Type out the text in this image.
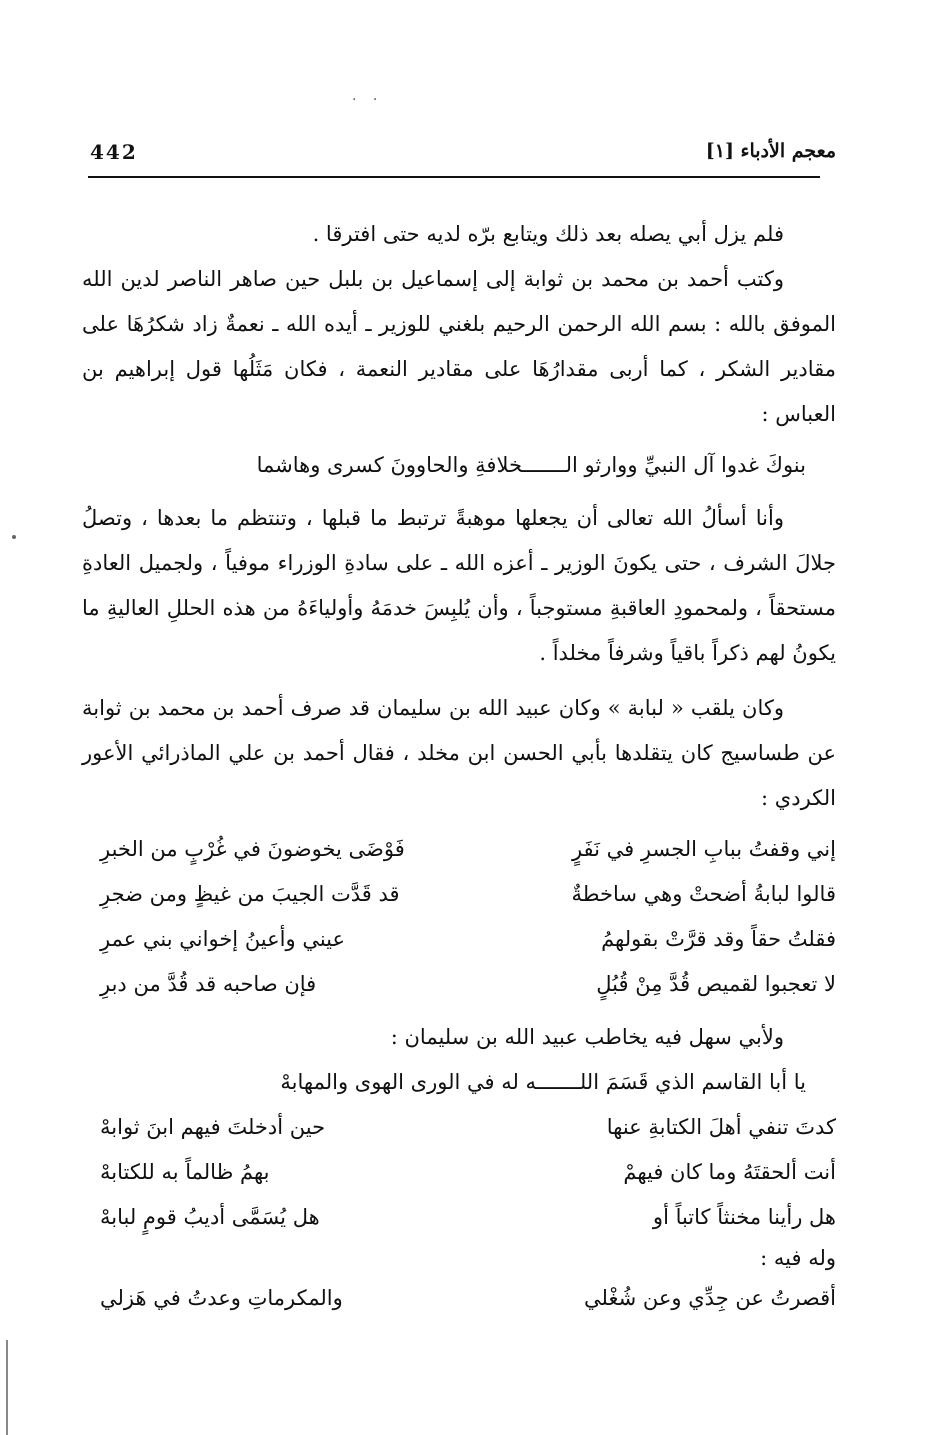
· ·
معجم الأدباء [١]
442

فلم يزل أبي يصله بعد ذلك ويتابع برّه لديه حتى افترقا .

وكتب أحمد بن محمد بن ثوابة إلى إسماعيل بن بلبل حين صاهر الناصر لدين الله الموفق بالله : بسم الله الرحمن الرحيم بلغني للوزير ـ أيده الله ـ نعمةٌ زاد شكرُهَا على مقادير الشكر ، كما أربى مقدارُهَا على مقادير النعمة ، فكان مَثَلُها قول إبراهيم بن العباس :

بنوكَ غدوا آل النبيِّ ووارثو الـــــــخلافةِ والحاوونَ كسرى وهاشما

وأنا أسألُ الله تعالى أن يجعلها موهبةً ترتبط ما قبلها ، وتنتظم ما بعدها ، وتصلُ جلالَ الشرف ، حتى يكونَ الوزير ـ أعزه الله ـ على سادةِ الوزراء موفياً ، ولجميل العادةِ مستحقاً ، ولمحمودِ العاقبةِ مستوجباً ، وأن يُلبِسَ خدمَهُ وأولياءَهُ من هذه الحللِ العاليةِ ما يكونُ لهم ذكراً باقياً وشرفاً مخلداً .

وكان يلقب « لبابة » وكان عبيد الله بن سليمان قد صرف أحمد بن محمد بن ثوابة عن طساسيج كان يتقلدها بأبي الحسن ابن مخلد ، فقال أحمد بن علي الماذرائي الأعور الكردي :

إني وقفتُ ببابِ الجسرِ في نَفَرٍ
فَوْضَى يخوضونَ في غُرْبٍ من الخبرِ
قالوا لبابةُ أضحتْ وهي ساخطةٌ
قد قَدَّت الجيبَ من غيظٍ ومن ضجرِ
فقلتُ حقاً وقد قرَّتْ بقولهمُ
عيني وأعينُ إخواني بني عمرِ
لا تعجبوا لقميص قُدَّ مِنْ قُبُلٍ
فإن صاحبه قد قُدَّ من دبرِ

ولأبي سهل فيه يخاطب عبيد الله بن سليمان :

يا أبا القاسم الذي قَسَمَ اللـــــــه له في الورى الهوى والمهابهْ
كدتَ تنفي أهلَ الكتابةِ عنها
حين أدخلتَ فيهم ابنَ ثوابهْ
أنت ألحقتَهُ وما كان فيهمْ
بهمُ ظالماً به للكتابهْ
هل رأينا مخنثاً كاتباً أو
هل يُسَمَّى أديبُ قومٍ لبابهْ

وله فيه :

أقصرتُ عن جِدِّي وعن شُغْلي
والمكرماتِ وعدتُ في هَزلي
